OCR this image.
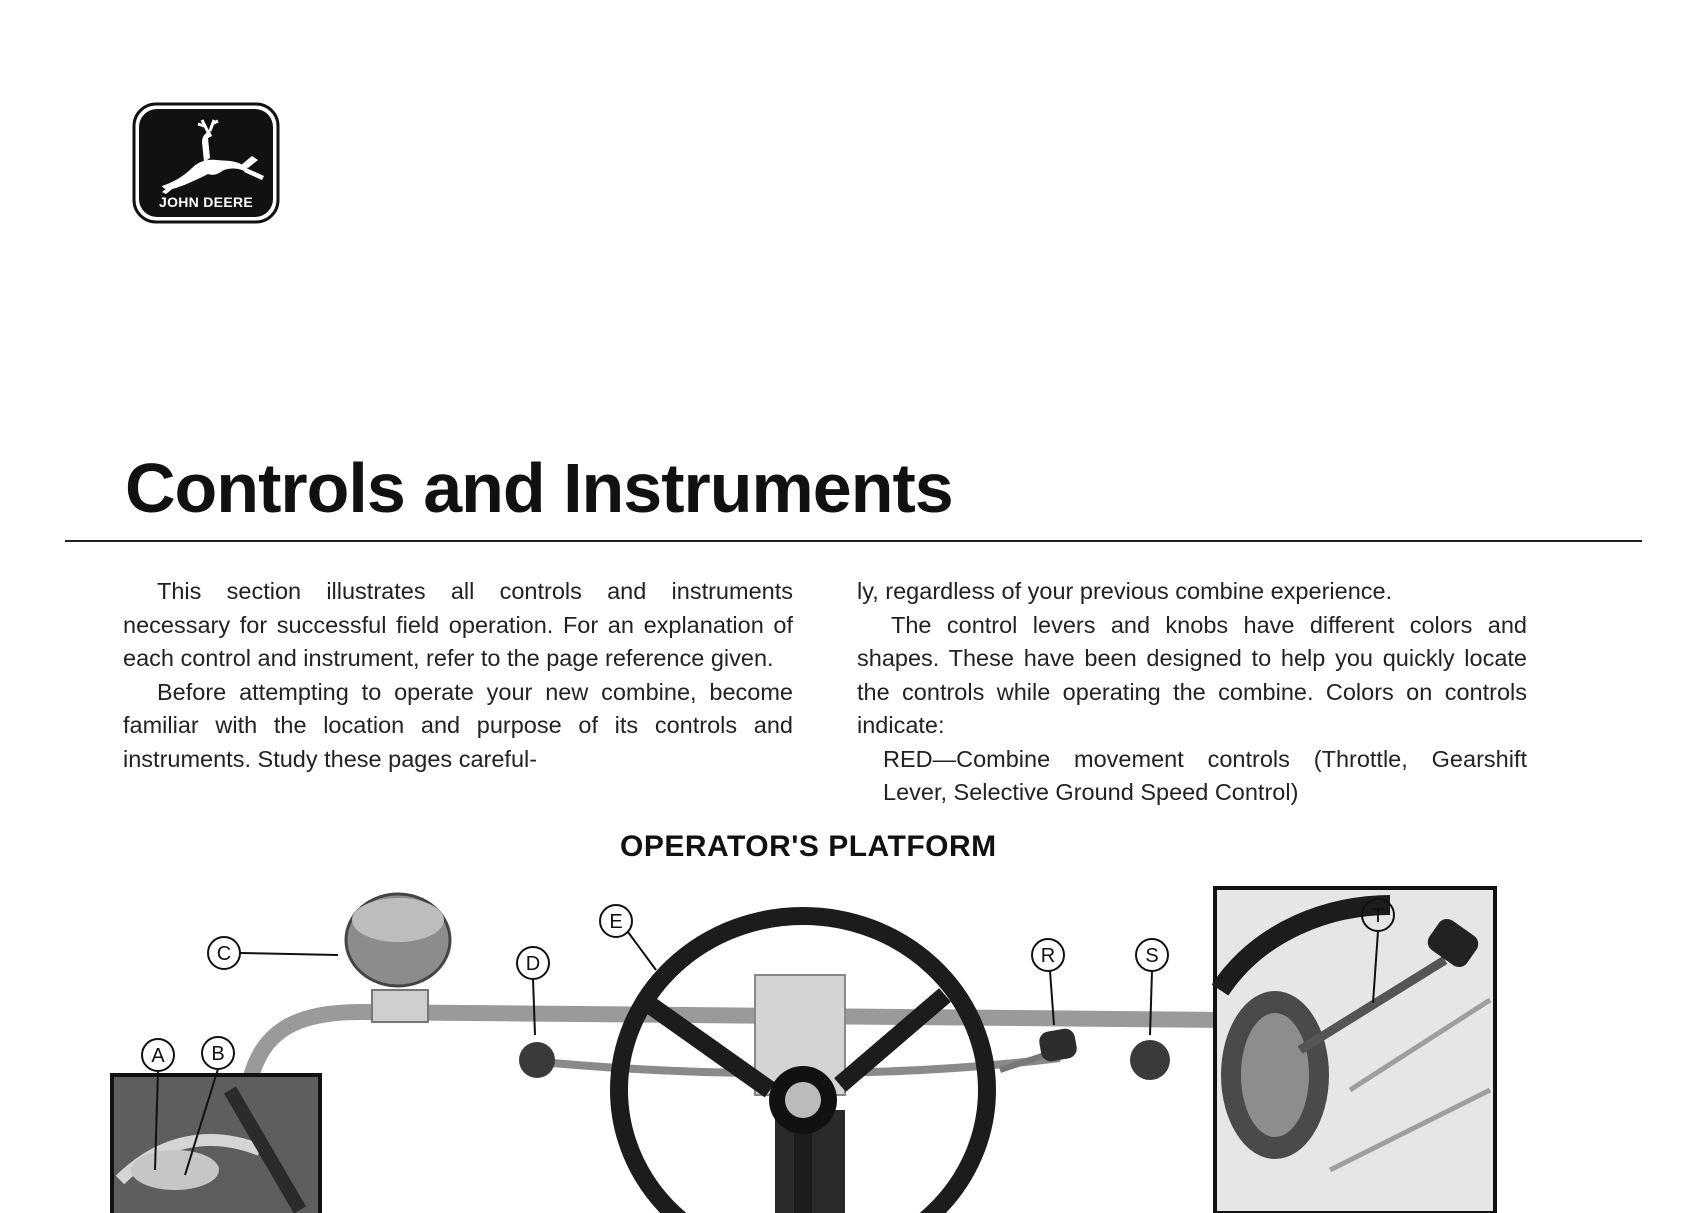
JOHN DEERE
Controls and Instruments

This section illustrates all controls and instruments necessary for successful field operation. For an explanation of each control and instrument, refer to the page reference given.

Before attempting to operate your new combine, become familiar with the location and purpose of its controls and instruments. Study these pages careful-

ly, regardless of your previous combine experience.

The control levers and knobs have different colors and shapes. These have been designed to help you quickly locate the controls while operating the combine. Colors on controls indicate:

RED—Combine movement controls (Throttle, Gearshift Lever, Selective Ground Speed Control)

OPERATOR'S PLATFORM
C
E
D	R	S
A B
T
